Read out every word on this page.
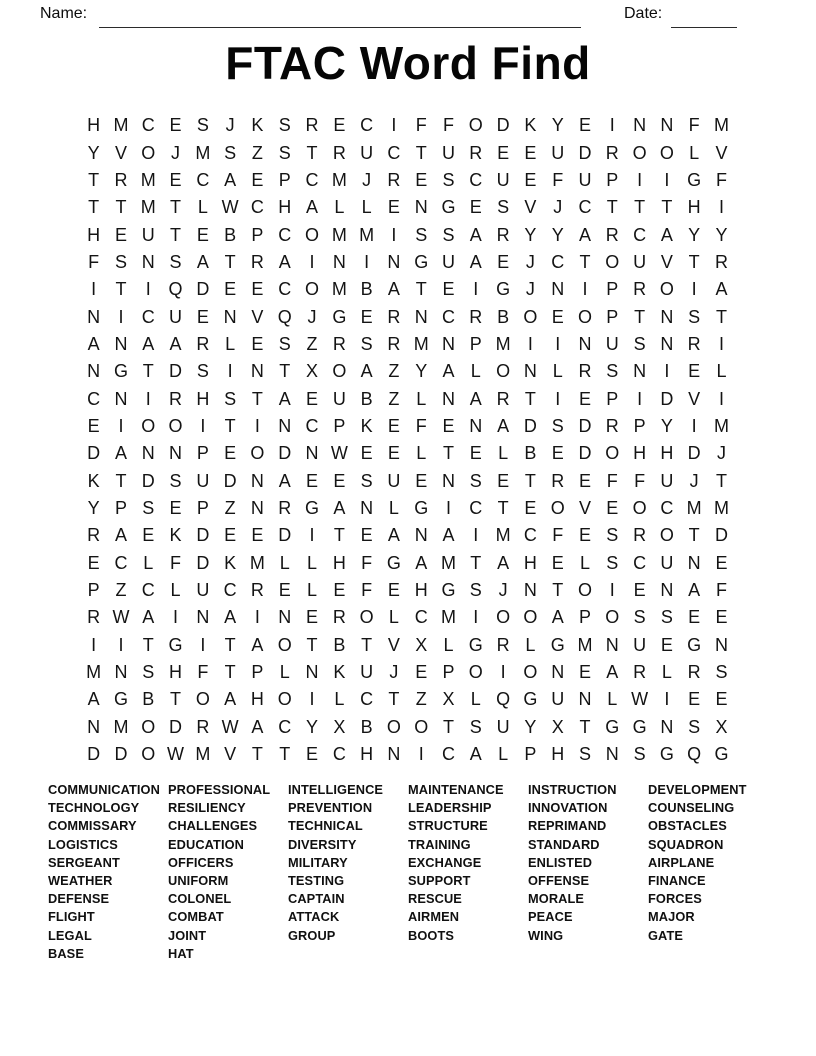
Name:	Date:
FTAC Word Find
H M C E S J K S R E C	I	F F O D K Y E	I	N N F M
Y V O J M S Z S T R U C T U R E E U D R O O L V
T R M E C A E P C M J R E S C U E F U P	I	I G F
T T M T L W C H A L L E N G E S V J C T T T H	I
H E U T E B P C O M M I	S S A R Y Y A R C A Y Y
F S N S A T R A	I	N	I	N G U A E J C T O U V T R
I	T	I Q D E E C O M B A T E	I G J N	I	P R O I	A
N	I	C U E N V Q J G E R N C R B O E O P T N S T
A N A A R L E S Z R S R M N P M I	I	N U S N R	I
N G T D S	I	N T X O A Z Y A L O N L R S N	I	E L
C N	I	R H S T A E U B Z L N A R T	I	E P	I	D V	I
E	I O O I	T	I	N C P K E F E N A D S D R P Y	I M
D A N N P E O D N W E E L T E L B E D O H H D J
K T D S U D N A E E S U E N S E T R E F F U J T
Y P S E P Z N R G A N L G I	C T E O V E O C M M
R A E K D E E D	I	T E A N A	I M C F E S R O T D
E C L F D K M L L H F G A M T A H E L S C U N E
P Z C L U C R E L E F E H G S J N T O I	E N A F
R W A	I	N A	I	N E R O L C M I O O A P O S S E E
I	I	T G I	T A O T B T V X L G R L G M N U E G N
M N S H F T P L N K U J E P O I O N E A R L R S
A G B T O A H O I	L C T Z X L Q G U N L W I	E E
N M O D R W A C Y X B O O T S U Y X T G G N S X
D D O W M V T T E C H N	I	C A L P H S N S G Q G
COMMUNICATION
TECHNOLOGY
COMMISSARY
LOGISTICS
SERGEANT
WEATHER
DEFENSE
FLIGHT
LEGAL
BASE
PROFESSIONAL
RESILIENCY
CHALLENGES
EDUCATION
OFFICERS
UNIFORM
COLONEL
COMBAT
JOINT
HAT
INTELLIGENCE
PREVENTION
TECHNICAL
DIVERSITY
MILITARY
TESTING
CAPTAIN
ATTACK
GROUP
MAINTENANCE
LEADERSHIP
STRUCTURE
TRAINING
EXCHANGE
SUPPORT
RESCUE
AIRMEN
BOOTS
INSTRUCTION
INNOVATION
REPRIMAND
STANDARD
ENLISTED
OFFENSE
MORALE
PEACE
WING
DEVELOPMENT
COUNSELING
OBSTACLES
SQUADRON
AIRPLANE
FINANCE
FORCES
MAJOR
GATE
